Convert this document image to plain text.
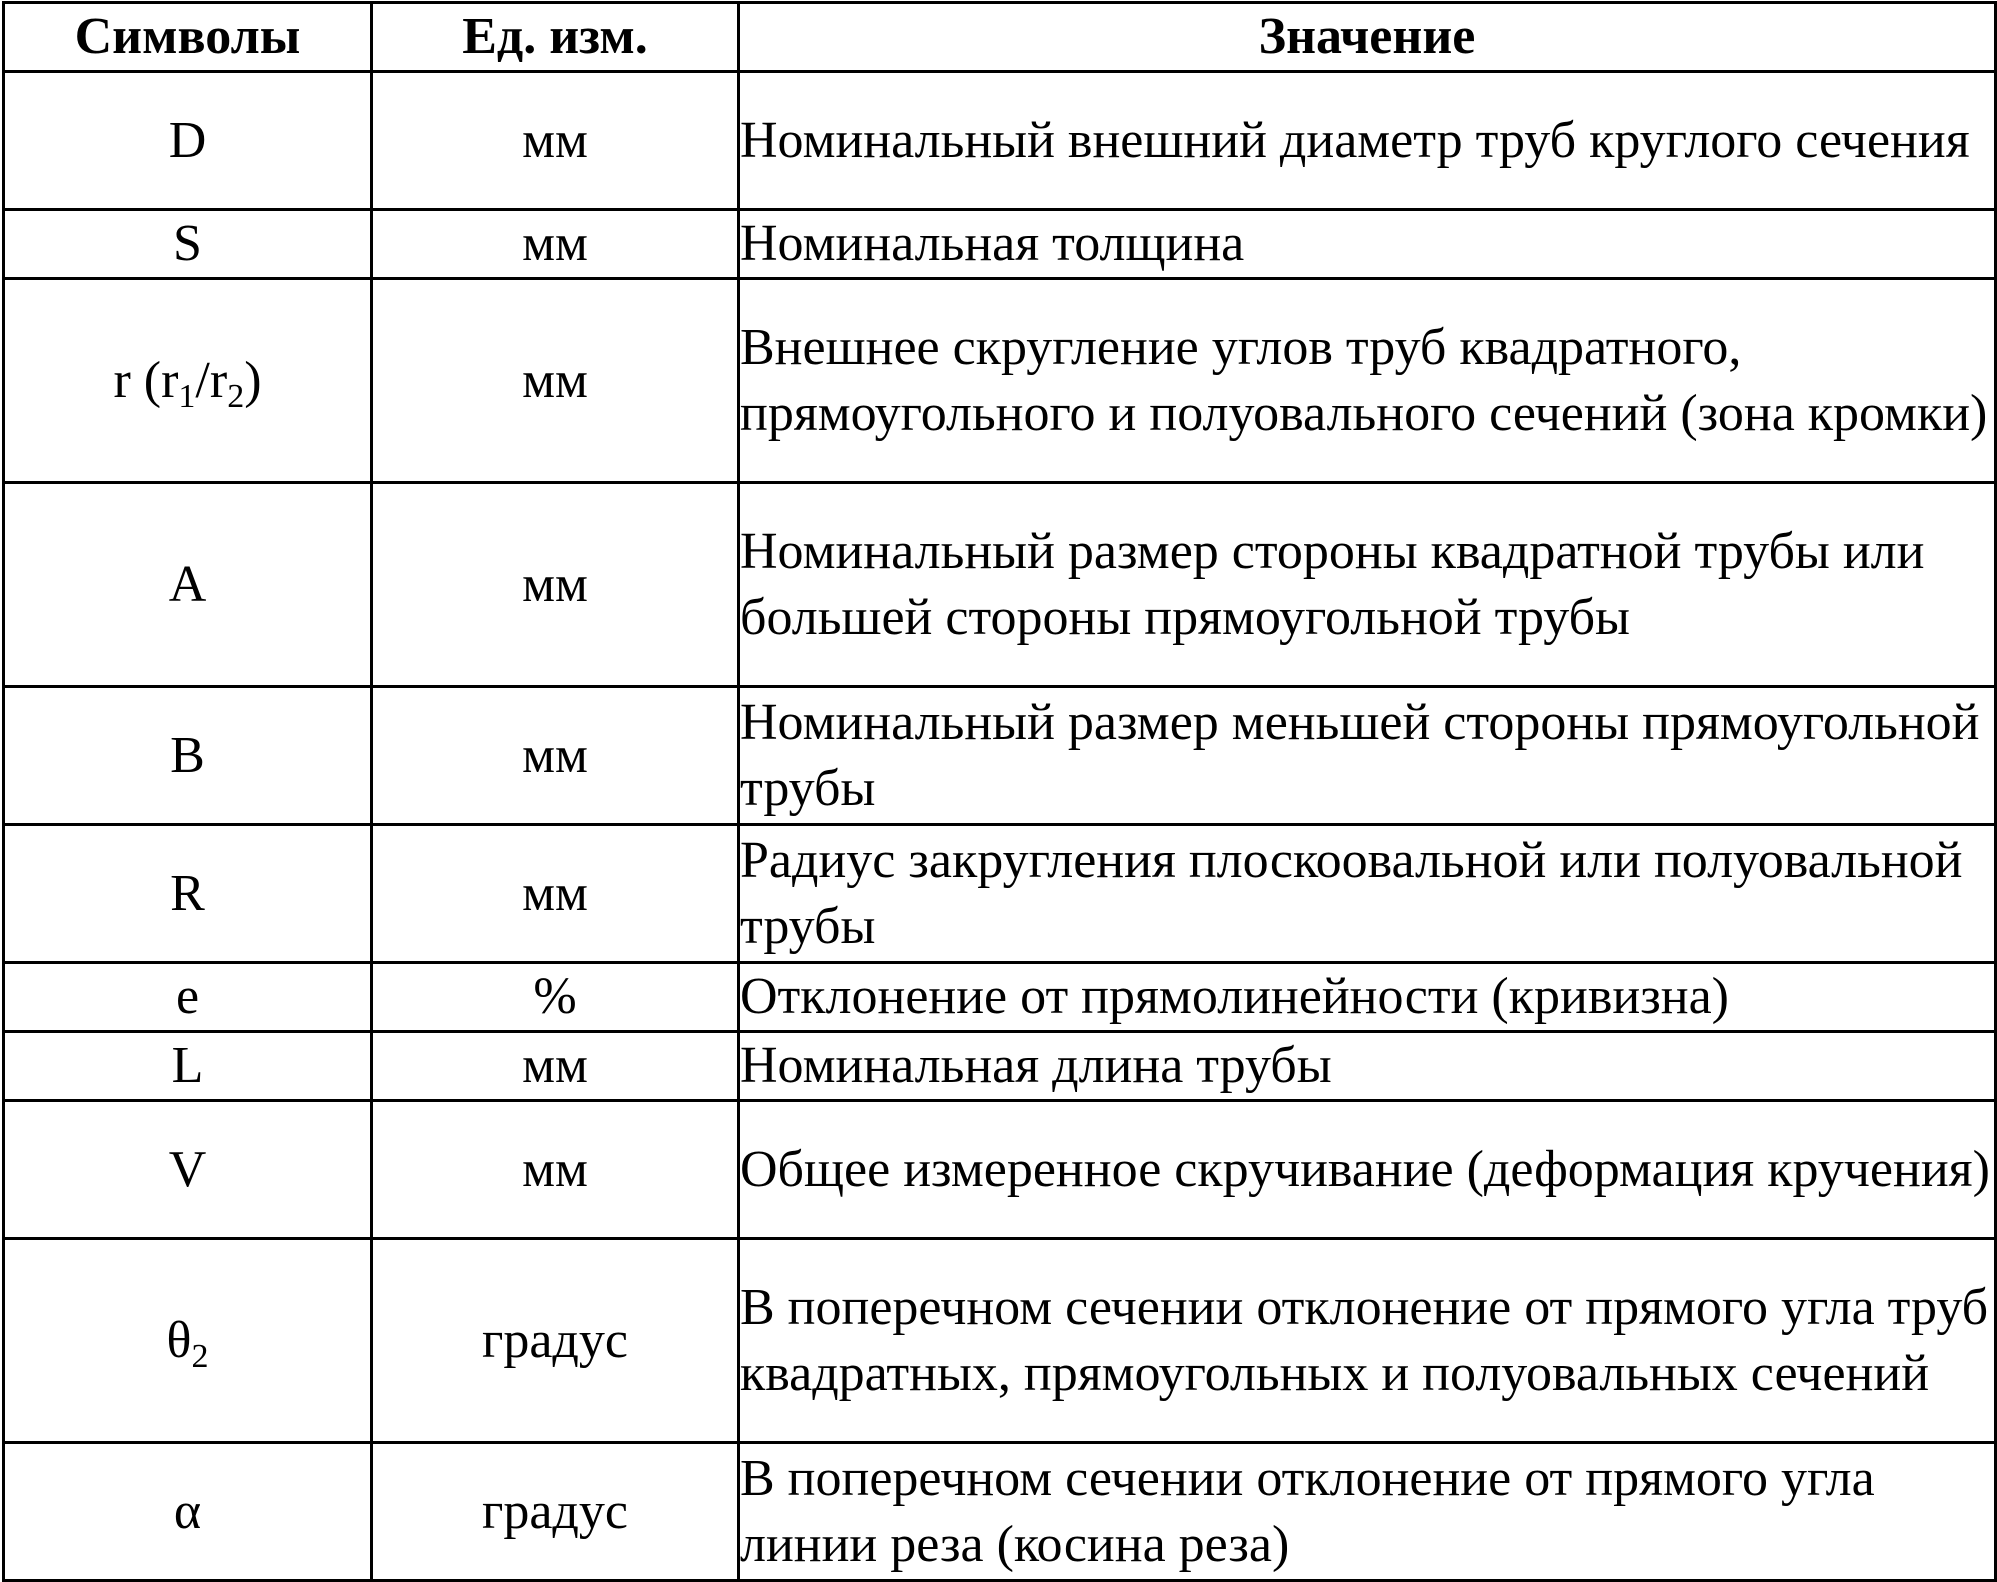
Символы	Ед. изм.	Значение
D	мм	Номинальный внешний диаметр труб круглого сечения
S	мм	Номинальная толщина
r $(r_1/r_2)$	мм	Внешнее скругление углов труб квадратного, прямоугольного и полуовального сечений (зона кромки)
A	мм	Номинальный размер стороны квадратной трубы или большей стороны прямоугольной трубы
B	мм	Номинальный размер меньшей стороны прямоугольной трубы
R	мм	Радиус закругления плоскоовальной или полуовальной трубы
e	%	Отклонение от прямолинейности (кривизна)
L	мм	Номинальная длина трубы
V	мм	Общее измеренное скручивание (деформация кручения)
$\theta_2$	градус	В поперечном сечении отклонение от прямого угла труб квадратных, прямоугольных и полуовальных сечений
α	градус	В поперечном сечении отклонение от прямого угла линии реза (косина реза)
